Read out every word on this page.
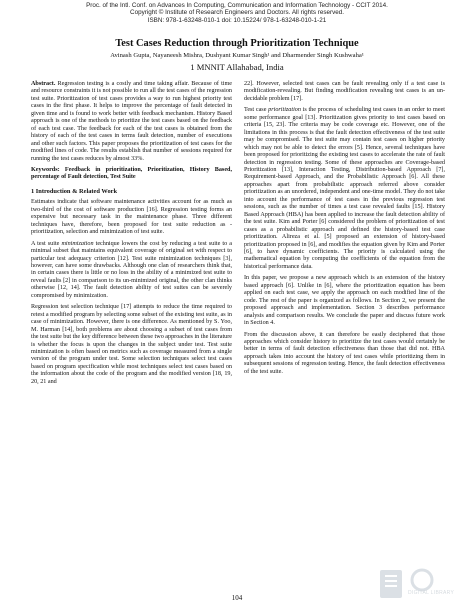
Proc. of the Intl. Conf. on Advances In Computing, Communication and Information Technology - CCIT 2014.
Copyright © Institute of Research Engineers and Doctors. All rights reserved.
ISBN: 978-1-63248-010-1 doi: 10.15224/ 978-1-63248-010-1-21
Test Cases Reduction through Prioritization Technique
Avinash Gupta, Nayaneesh Mishra, Dushyant Kumar Singh¹ and Dharmender Singh Kushwaha¹
1 MNNIT Allahabad, India

Abstract. Regression testing is a costly and time taking affair. Because of time and resource constraints it is not possible to run all the test cases of the regression test suite. Prioritization of test cases provides a way to run highest priority test cases in the first phase. It helps to improve the percentage of fault detected in given time and is found to work better with feedback mechanism. History Based approach is one of the methods to prioritize the test cases based on the feedback of each test case. The feedback for each of the test cases is obtained from the history of each of the test cases in terms fault detection, number of executions and other such factors. This paper proposes the prioritization of test cases for the modified lines of code. The results establish that number of sessions required for running the test cases reduces by almost 33%.

Keywords: Feedback in prioritization, Prioritization, History Based, percentage of Fault detection, Test Suite

1 Introduction & Related Work

Estimates indicate that software maintenance activities account for as much as two-third of the cost of software production [16]. Regression testing forms an expensive but necessary task in the maintenance phase. Three different techniques have, therefore, been proposed for test suite reduction as - prioritization, selection and minimization of test suite.

A test suite minimization technique lowers the cost by reducing a test suite to a minimal subset that maintains equivalent coverage of original set with respect to particular test adequacy criterion [12]. Test suite minimization techniques [3], however, can have some drawbacks. Although one clan of researchers think that, in certain cases there is little or no loss in the ability of a minimized test suite to reveal faults [2] in comparison to its un-minimized original, the other clan thinks otherwise [12, 14]. The fault detection ability of test suites can be severely compromised by minimization.

Regression test selection technique [17] attempts to reduce the time required to retest a modified program by selecting some subset of the existing test suite, as in case of minimization. However, there is one difference. As mentioned by S. Yoo, M. Harman [14], both problems are about choosing a subset of test cases from the test suite but the key difference between these two approaches in the literature is whether the focus is upon the changes in the subject under test. Test suite minimization is often based on metrics such as coverage measured from a single version of the program under test. Some selection techniques select test cases based on program specification while most techniques select test cases based on the information about the code of the program and the modified version [18, 19, 20, 21 and

22]. However, selected test cases can be fault revealing only if a test case is modification-revealing. But finding modification revealing test cases is an un-decidable problem [17].

Test case prioritization is the process of scheduling test cases in an order to meet some performance goal [13]. Prioritization gives priority to test cases based on criteria [15, 23]. The criteria may be code coverage etc. However, one of the limitations in this process is that the fault detection effectiveness of the test suite may be compromised. The test suite may contain test cases on higher priority which may not be able to detect the errors [5]. Hence, several techniques have been proposed for prioritizing the existing test cases to accelerate the rate of fault detection in regression testing. Some of these approaches are Coverage-based Prioritization [13], Interaction Testing, Distribution-based Approach [7], Requirement-based Approach, and the Probabilistic Approach [6]. All these approaches apart from probabilistic approach referred above consider prioritization as an unordered, independent and one-time model. They do not take into account the performance of test cases in the previous regression test sessions, such as the number of times a test case revealed faults [15]. History Based Approach (HBA) has been applied to increase the fault detection ability of the test suite. Kim and Porter [6] considered the problem of prioritization of test cases as a probabilistic approach and defined the history-based test case prioritization. Alireza et al. [5] proposed an extension of history-based prioritization proposed in [6], and modifies the equation given by Kim and Porter [6], to have dynamic coefficients. The priority is calculated using the mathematical equation by computing the coefficients of the equation from the historical performance data.

In this paper, we propose a new approach which is an extension of the history based approach [6]. Unlike in [6], where the prioritization equation has been applied on each test case, we apply the approach on each modified line of the code. The rest of the paper is organized as follows. In Section 2, we present the proposed approach and implementation. Section 3 describes performance analysis and comparison results. We conclude the paper and discuss future work in Section 4.

From the discussion above, it can therefore be easily deciphered that those approaches which consider history to prioritize the test cases would certainly be better in terms of fault detection effectiveness than those that did not. HBA approach takes into account the history of test cases while prioritizing them in subsequent sessions of regression testing. Hence, the fault detection effectiveness of the test suite.

DIGITAL LIBRARY
104
